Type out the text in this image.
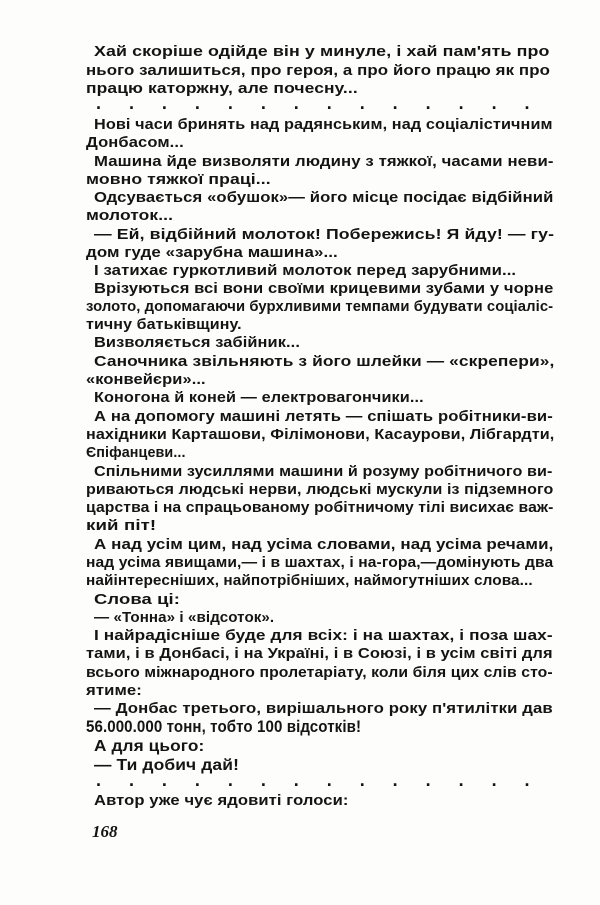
Хай скоріше одійде він у минуле, і хай пам'ять про
нього залишиться, про героя, а про його працю як про
працю каторжну, але почесну...
. . . . . . . . . . . . . .
Нові часи бринять над радянським, над соціалістичним
Донбасом...
Машина йде визволяти людину з тяжкої, часами неви-
мовно тяжкої праці...
Одсувається «обушок»— його місце посідає відбійний
молоток...
— Ей, відбійний молоток! Побережись! Я йду! — гу-
дом гуде «зарубна машина»...
І затихає гуркотливий молоток перед зарубними...
Врізуються всі вони своїми крицевими зубами у чорне
золото, допомагаючи бурхливими темпами будувати соціаліс-
тичну батьківщину.
Визволяється забійник...
Саночника звільняють з його шлейки — «скрепери»,
«конвейєри»...
Коногона й коней — електровагончики...
А на допомогу машині летять — спішать робітники-ви-
нахідники Карташови, Філімонови, Касаурови, Лібгардти,
Єпіфанцеви...
Спільними зусиллями машини й розуму робітничого ви-
риваються людські нерви, людські мускули із підземного
царства і на спрацьованому робітничому тілі висихає важ-
кий піт!
А над усім цим, над усіма словами, над усіма речами,
над усіма явищами,— і в шахтах, і на-гора,—домінують два
найінтересніших, найпотрібніших, наймогутніших слова...
Слова ці:
— «Тонна» і «відсоток».
І найрадісніше буде для всіх: і на шахтах, і поза шах-
тами, і в Донбасі, і на Україні, і в Союзі, і в усім світі для
всього міжнародного пролетаріату, коли біля цих слів сто-
ятиме:
— Донбас третього, вирішального року п'ятилітки дав
56.000.000 тонн, тобто 100 відсотків!
А для цього:
— Ти добич дай!
. . . . . . . . . . . . . .
Автор уже чує ядовиті голоси:
168
